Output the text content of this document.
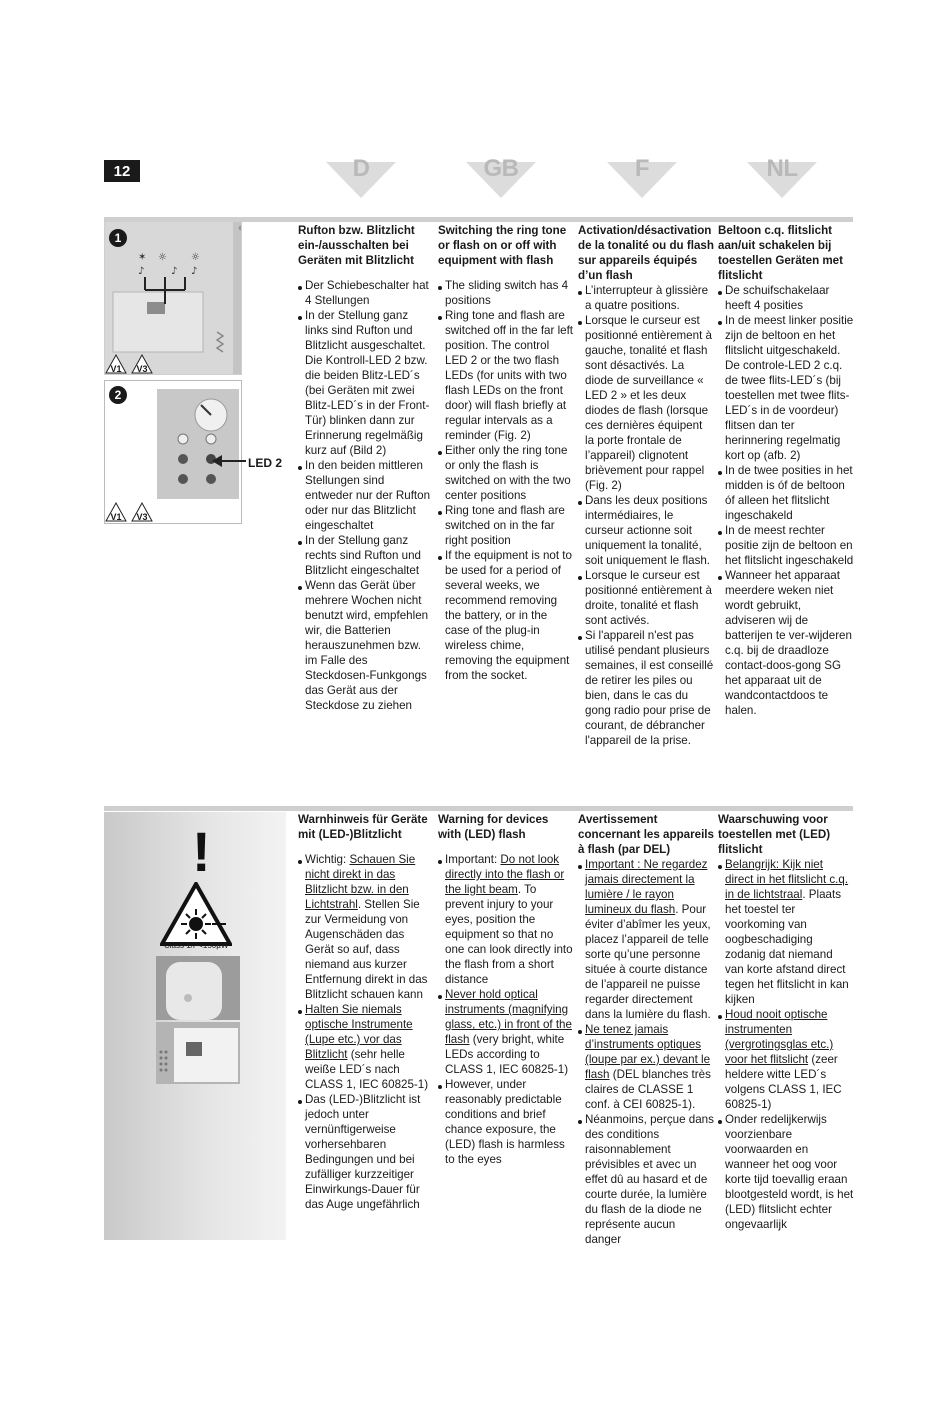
12	D	GB	F	NL
✶ ☼ ☼
♪	♪ ♪
1
V1	V3
2
V1	V3
LED 2
Rufton bzw. Blitzlicht ein-/ausschalten bei Geräten mit Blitzlicht
Der Schiebeschalter hat 4 Stellungen
In der Stellung ganz links sind Rufton und Blitzlicht ausgeschaltet. Die Kontroll-LED 2 bzw. die beiden Blitz-LED´s (bei Geräten mit zwei Blitz-LED´s in der Front-Tür) blinken dann zur Erinnerung regelmäßig kurz auf (Bild 2)
In den beiden mittleren Stellungen sind entweder nur der Rufton oder nur das Blitzlicht eingeschaltet
In der Stellung ganz rechts sind Rufton und Blitzlicht eingeschaltet
Wenn das Gerät über mehrere Wochen nicht benutzt wird, empfehlen wir, die Batterien herauszunehmen bzw. im Falle des Steckdosen-Funkgongs das Gerät aus der Steckdose zu ziehen
Switching the ring tone or flash on or off with equipment with flash
The sliding switch has 4 positions
Ring tone and flash are switched off in the far left position. The control LED 2 or the two flash LEDs (for units with two flash LEDs on the front door) will flash briefly at regular intervals as a reminder (Fig. 2)
Either only the ring tone or only the flash is switched on with the two center positions
Ring tone and flash are switched on in the far right position
If the equipment is not to be used for a period of several weeks, we recommend removing the battery, or in the case of the plug-in wireless chime, removing the equipment from the socket.
Activation/désactivation de la tonalité ou du flash sur appareils équipés d’un flash
L’interrupteur à glissière a quatre positions.
Lorsque le curseur est positionné entièrement à gauche, tonalité et flash sont désactivés. La diode de surveillance « LED 2 » et les deux diodes de flash (lorsque ces dernières équipent la porte frontale de l’appareil) clignotent brièvement pour rappel (Fig. 2)
Dans les deux positions intermédiaires, le curseur actionne soit uniquement la tonalité, soit uniquement le flash.
Lorsque le curseur est positionné entièrement à droite, tonalité et flash sont activés.
Si l'appareil n'est pas utilisé pendant plusieurs semaines, il est conseillé de retirer les piles ou bien, dans le cas du gong radio pour prise de courant, de débrancher l'appareil de la prise.
Beltoon c.q. flitslicht aan/uit schakelen bij toestellen Geräten met flitslicht
De schuifschakelaar heeft 4 posities
In de meest linker positie zijn de beltoon en het flitslicht uitgeschakeld. De controle-LED 2 c.q. de twee flits-LED´s (bij toestellen met twee flits-LED´s in de voordeur) flitsen dan ter herinnering regelmatig kort op (afb. 2)
In de twee posities in het midden is óf de beltoon óf alleen het flitslicht ingeschakeld
In de meest rechter positie zijn de beltoon en het flitslicht ingeschakeld
Wanneer het apparaat meerdere weken niet wordt gebruikt, adviseren wij de batterijen te ver-wijderen c.q. bij de draadloze contact-doos-gong SG het apparaat uit de wandcontactdoos te halen.
!
Class 1/P<150µW
Warnhinweis für Geräte mit (LED-)Blitzlicht
Wichtig: Schauen Sie nicht direkt in das Blitzlicht bzw. in den Lichtstrahl. Stellen Sie zur Vermeidung von Augenschäden das Gerät so auf, dass niemand aus kurzer Entfernung direkt in das Blitzlicht schauen kann
Halten Sie niemals optische Instrumente (Lupe etc.) vor das Blitzlicht (sehr helle weiße LED´s nach CLASS 1, IEC 60825-1)
Das (LED-)Blitzlicht ist jedoch unter vernünftigerweise vorhersehbaren Bedingungen und bei zufälliger kurzzeitiger Einwirkungs-Dauer für das Auge ungefährlich
Warning for devices with (LED) flash
Important: Do not look directly into the flash or the light beam. To prevent injury to your eyes, position the equipment so that no one can look directly into the flash from a short distance
Never hold optical instruments (magnifying glass, etc.) in front of the flash (very bright, white LEDs according to CLASS 1, IEC 60825-1)
However, under reasonably predictable conditions and brief chance exposure, the (LED) flash is harmless to the eyes
Avertissement concernant les appareils à flash (par DEL)
Important : Ne regardez jamais directement la lumière / le rayon lumineux du flash. Pour éviter d’abîmer les yeux, placez l’appareil de telle sorte qu’une personne située à courte distance de l’appareil ne puisse regarder directement dans la lumière du flash.
Ne tenez jamais d’instruments optiques (loupe par ex.) devant le flash (DEL blanches très claires de CLASSE 1 conf. à CEI 60825-1).
Néanmoins, perçue dans des conditions raisonnablement prévisibles et avec un effet dû au hasard et de courte durée, la lumière du flash de la diode ne représente aucun danger
Waarschuwing voor toestellen met (LED) flitslicht
Belangrijk: Kijk niet direct in het flitslicht c.q. in de lichtstraal. Plaats het toestel ter voorkoming van oogbeschadiging zodanig dat niemand van korte afstand direct tegen het flitslicht in kan kijken
Houd nooit optische instrumenten (vergrotingsglas etc.) voor het flitslicht (zeer heldere witte LED´s volgens CLASS 1, IEC 60825-1)
Onder redelijkerwijs voorzienbare voorwaarden en wanneer het oog voor korte tijd toevallig eraan blootgesteld wordt, is het (LED) flitslicht echter ongevaarlijk
